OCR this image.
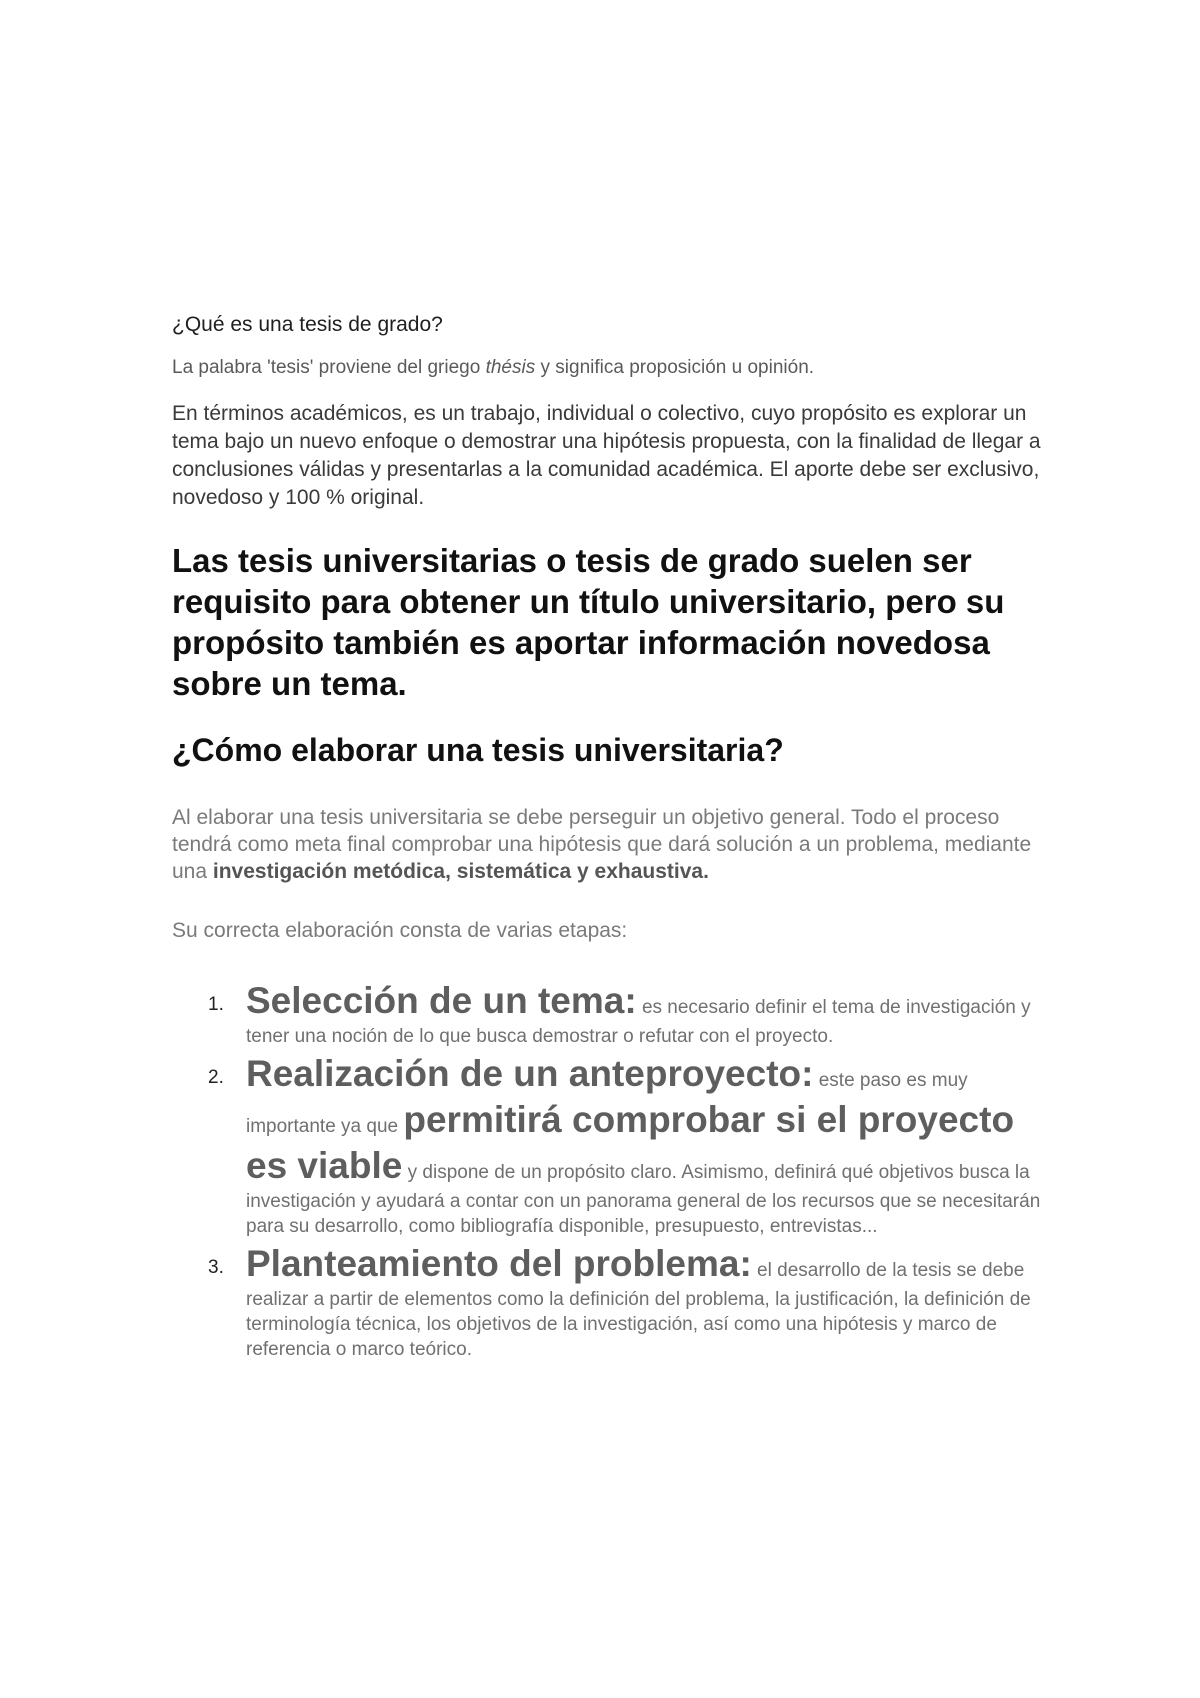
¿Qué es una tesis de grado?

La palabra 'tesis' proviene del griego thésis y significa proposición u opinión.

En términos académicos, es un trabajo, individual o colectivo, cuyo propósito es explorar un tema bajo un nuevo enfoque o demostrar una hipótesis propuesta, con la finalidad de llegar a conclusiones válidas y presentarlas a la comunidad académica. El aporte debe ser exclusivo, novedoso y 100 % original.

Las tesis universitarias o tesis de grado suelen ser requisito para obtener un título universitario, pero su propósito también es aportar información novedosa sobre un tema.

¿Cómo elaborar una tesis universitaria?

Al elaborar una tesis universitaria se debe perseguir un objetivo general. Todo el proceso tendrá como meta final comprobar una hipótesis que dará solución a un problema, mediante una investigación metódica, sistemática y exhaustiva.

Su correcta elaboración consta de varias etapas:

1. Selección de un tema: es necesario definir el tema de investigación y tener una noción de lo que busca demostrar o refutar con el proyecto.
2. Realización de un anteproyecto: este paso es muy importante ya que permitirá comprobar si el proyecto es viable y dispone de un propósito claro. Asimismo, definirá qué objetivos busca la investigación y ayudará a contar con un panorama general de los recursos que se necesitarán para su desarrollo, como bibliografía disponible, presupuesto, entrevistas...
3. Planteamiento del problema: el desarrollo de la tesis se debe realizar a partir de elementos como la definición del problema, la justificación, la definición de terminología técnica, los objetivos de la investigación, así como una hipótesis y marco de referencia o marco teórico.
